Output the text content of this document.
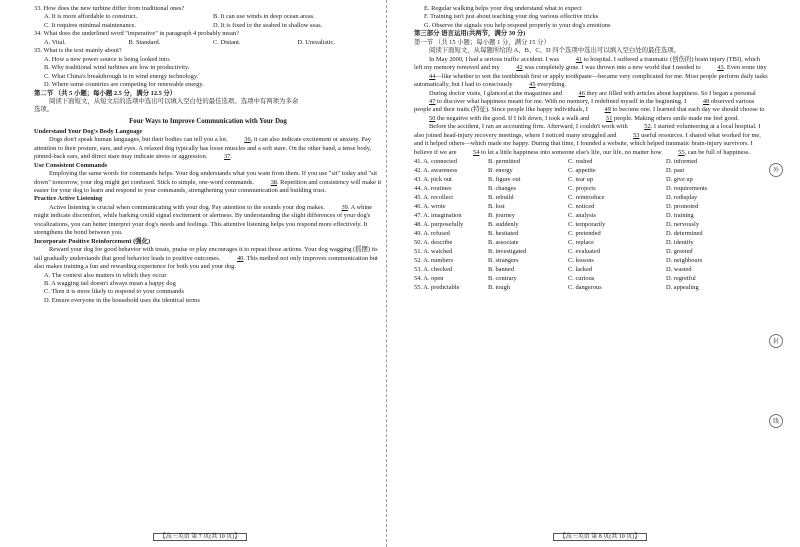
33. How does the new turbine differ from traditional ones?

A. It is more affordable to construct.	B. It can use winds in deep ocean areas.
C. It requires minimal maintenance.	D. It is fixed to the seabed in shallow seas.

34. What does the underlined word "imperative" in paragraph 4 probably mean?

A. Vital.	B. Standard.	C. Distant.	D. Unrealistic.

35. What is the text mainly about?

A. How a new power source is being looked into.

B. Why traditional wind turbines are low in productivity.

C. What China's breakthrough is in wind energy technology.

D. Where some countries are competing for renewable energy.

第二节 （共 5 小题；每小题 2.5 分，满分 12.5 分）

阅读下面短文，从短文后的选项中选出可以填入空白处的最佳选项。选项中有两项为多余

选项。

Four Ways to Improve Communication with Your Dog

Understand Your Dog's Body Language

Dogs don't speak human languages, but their bodies can tell you a lot.	36, it can also indicate excitement or anxiety. Pay attention to their posture, ears, and eyes. A relaxed dog typically has loose muscles and a soft stare. On the other hand, a tense body, pinned-back ears, and direct stare may indicate stress or aggression.	37.

Use Consistent Commands

Employing the same words for commands helps. Your dog understands what you want from them. If you use "sit" today and "sit down" tomorrow, your dog might get confused. Stick to simple, one-word commands.	38. Repetition and consistency will make it easier for your dog to learn and respond to your commands, strengthening your communication and building trust.

Practice Active Listening

Active listening is crucial when communicating with your dog. Pay attention to the sounds your dog makes.	39. A whine might indicate discomfort, while barking could signal excitement or alertness. By understanding the slight differences of your dog's vocalizations, you can better interpret your dog's needs and feelings. This attentive listening helps you respond more effectively. It strengthens the bond between you.

Incorporate Positive Reinforcement (强化)

Reward your dog for good behavior with treats, praise or play encourages it to repeat those actions. Your dog wagging (摇摆) its tail gradually understands that good behavior leads to positive outcomes.	40. This method not only improves communication but also makes training a fun and rewarding experience for both you and your dog.

A. The context also matters in which they occur

B. A wagging tail doesn't always mean a happy dog

C. Then it is more likely to respond to your commands

D. Ensure everyone in the household uses the identical terms

【高三英语 第 7 页(共 10 页)】

E. Regular walking helps your dog understand what to expect

F. Training isn't just about teaching your dog various effective tricks

G. Observe the signals you help respond properly to your dog's emotions

第三部分 语言运用(共两节，满分 30 分)

第一节 （共 15 小题；每小题 1 分，满分 15 分）

阅读下面短文，从每题所给的 A、B、C、D 四个选项中选出可以填入空白处的最佳选项。

In May 2000, I had a serious traffic accident. I was 41 to hospital. I suffered a traumatic (创伤的) brain injury (TBI), which left my memory removed and my 42 was completely gone. I was thrown into a new world that I needed to 43. Even some tiny 44—like whether to wet the toothbrush first or apply toothpaste—became very complicated for me. Most people perform daily tasks automatically, but I had to consciously 45 everything.

During doctor visits, I glanced at the magazines and 46 they are filled with articles about happiness. So I began a personal 47 to discover what happiness meant for me. With no memory, I redefined myself in the beginning. I 48 observed various people and their traits (特征). Since people like happy individuals, I 49 to become one. I learned that each day we should choose to 50 the negative with the good. If I felt down, I took a walk and 51 people. Making others smile made me feel good.

Before the accident, I ran an accounting firm. Afterward, I couldn't work with 52. I started volunteering at a local hospital. I also joined head-injury recovery meetings, where I noticed many struggled and 53 useful resources. I shared what worked for me, and it helped others—which made me happy. During that time, I founded a website, which helped traumatic brain-injury survivors. I believe if we are 54 to let a little happiness into someone else's life, our life, no matter how 55, can be full of happiness.

41. A. connected	B. permitted	C. rushed	D. informed
42. A. awareness	B. energy	C. appetite	D. past
43. A. pick out	B. figure out	C. tear up	D. give up
44. A. routines	B. changes	C. projects	D. requirements
45. A. recollect	B. rebuild	C. reintroduce	D. redisplay
46. A. wrote	B. lost	C. noticed	D. promoted
47. A. imagination	B. journey	C. analysis	D. training
48. A. purposefully	B. suddenly	C. temporarily	D. nervously
49. A. refused	B. hesitated	C. pretended	D. determined
50. A. describe	B. associate	C. replace	D. identify
51. A. watched	B. investigated	C. evaluated	D. greeted
52. A. numbers	B. strangers	C. lessons	D. neighbours
53. A. checked	B. banned	C. lacked	D. wasted
54. A. open	B. contrary	C. curious	D. regretful
55. A. predictable	B. tough	C. dangerous	D. appealing
【高三英语 第 8 页(共 10 页)】
外
封
线
